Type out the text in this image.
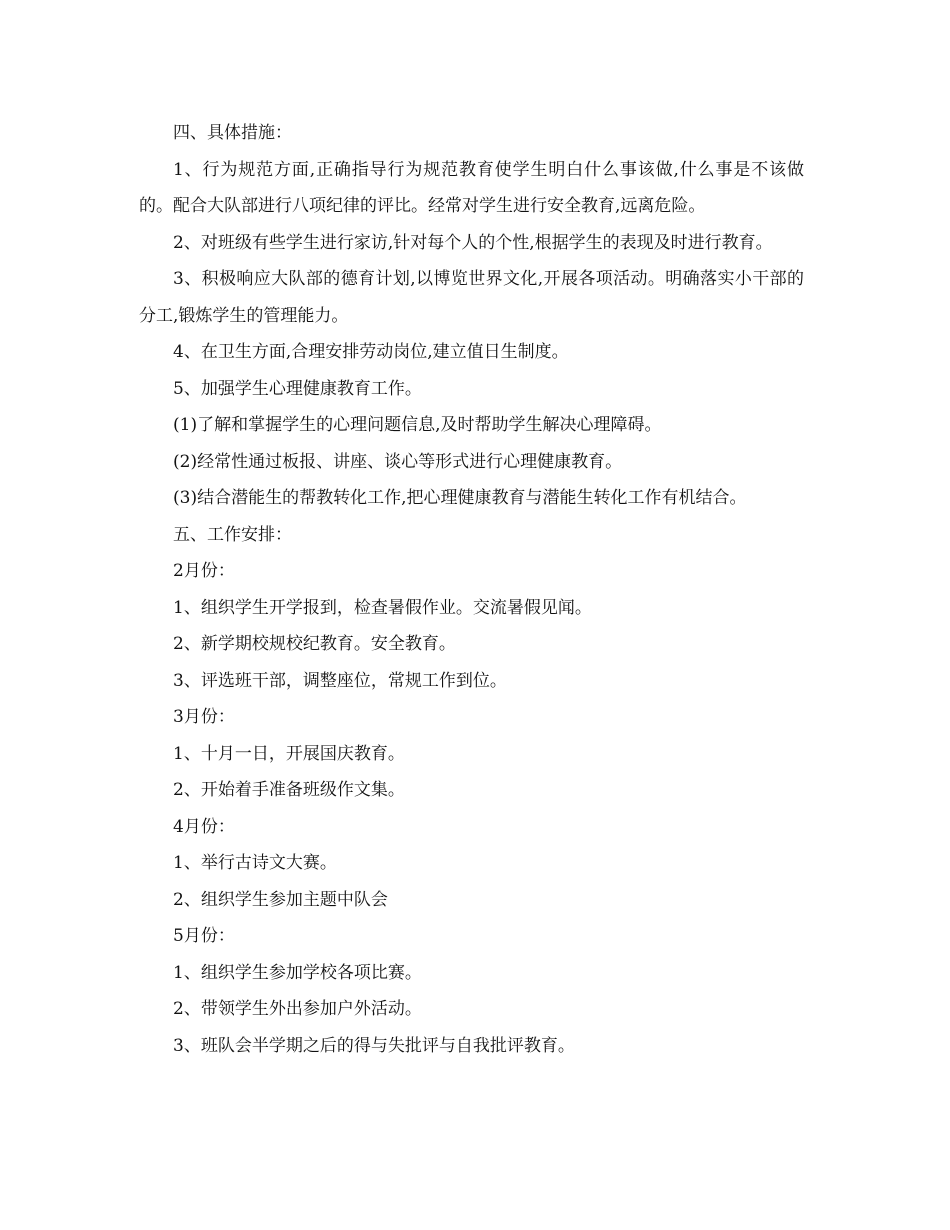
四、具体措施：

1、行为规范方面,正确指导行为规范教育使学生明白什么事该做,什么事是不该做的。配合大队部进行八项纪律的评比。经常对学生进行安全教育,远离危险。

2、对班级有些学生进行家访,针对每个人的个性,根据学生的表现及时进行教育。

3、积极响应大队部的德育计划,以博览世界文化,开展各项活动。明确落实小干部的分工,锻炼学生的管理能力。

4、在卫生方面,合理安排劳动岗位,建立值日生制度。

5、加强学生心理健康教育工作。

(1)了解和掌握学生的心理问题信息,及时帮助学生解决心理障碍。

(2)经常性通过板报、讲座、谈心等形式进行心理健康教育。

(3)结合潜能生的帮教转化工作,把心理健康教育与潜能生转化工作有机结合。

五、工作安排：

2月份：

1、组织学生开学报到，检查暑假作业。交流暑假见闻。

2、新学期校规校纪教育。安全教育。

3、评选班干部，调整座位，常规工作到位。

3月份：

1、十月一日，开展国庆教育。

2、开始着手准备班级作文集。

4月份：

1、举行古诗文大赛。

2、组织学生参加主题中队会

5月份：

1、组织学生参加学校各项比赛。

2、带领学生外出参加户外活动。

3、班队会半学期之后的得与失批评与自我批评教育。
